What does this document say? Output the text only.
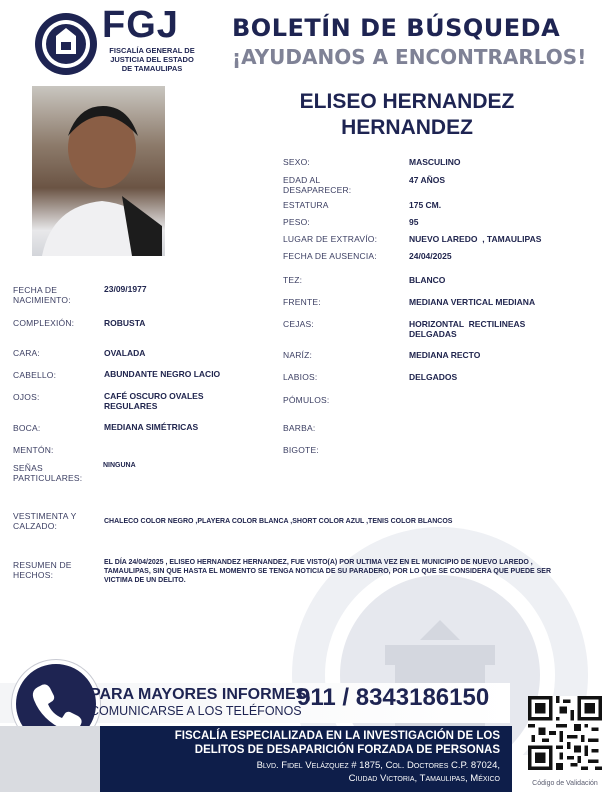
FGJ
FISCALÍA GENERAL DE
JUSTICIA DEL ESTADO
DE TAMAULIPAS
BOLETÍN DE BÚSQUEDA
¡AYUDANOS A ENCONTRARLOS!
ELISEO HERNANDEZ
HERNANDEZ
SEXO:	MASCULINO
EDAD AL DESAPARECER:
47 AÑOS
ESTATURA	175 CM.
PESO:	95
LUGAR DE EXTRAVÍO:	NUEVO LAREDO  , TAMAULIPAS
FECHA DE AUSENCIA:	24/04/2025
TEZ:	BLANCO
FRENTE:	MEDIANA VERTICAL MEDIANA
CEJAS:	HORIZONTAL  RECTILINEAS DELGADAS
NARÍZ:	MEDIANA RECTO
LABIOS:	DELGADOS
PÓMULOS:
BARBA:
BIGOTE:
FECHA DE NACIMIENTO:
23/09/1977
COMPLEXIÓN:	ROBUSTA
CARA:	OVALADA
CABELLO:	ABUNDANTE NEGRO LACIO
OJOS:	CAFÉ OSCURO OVALES REGULARES
BOCA:	MEDIANA SIMÉTRICAS
MENTÓN:
SEÑAS PARTICULARES:
NINGUNA
VESTIMENTA Y CALZADO:	CHALECO COLOR NEGRO ,PLAYERA COLOR BLANCA ,SHORT COLOR AZUL ,TENIS COLOR BLANCOS
RESUMEN DE HECHOS:
EL DÍA 24/04/2025 , ELISEO HERNANDEZ HERNANDEZ, FUE VISTO(A) POR ULTIMA VEZ EN EL MUNICIPIO DE NUEVO LAREDO , TAMAULIPAS, SIN QUE HASTA EL MOMENTO SE TENGA NOTICIA DE SU PARADERO, POR LO QUE SE CONSIDERA QUE PUEDE SER VICTIMA DE UN DELITO.
PARA MAYORES INFORMES,
COMUNICARSE A LOS TELÉFONOS
911 / 8343186150
FISCALÍA ESPECIALIZADA EN LA INVESTIGACIÓN DE LOS
DELITOS DE DESAPARICIÓN FORZADA DE PERSONAS
Blvd. Fidel Velázquez # 1875, Col. Doctores C.P. 87024,
Ciudad Victoria, Tamaulipas, México	Código de Validación
